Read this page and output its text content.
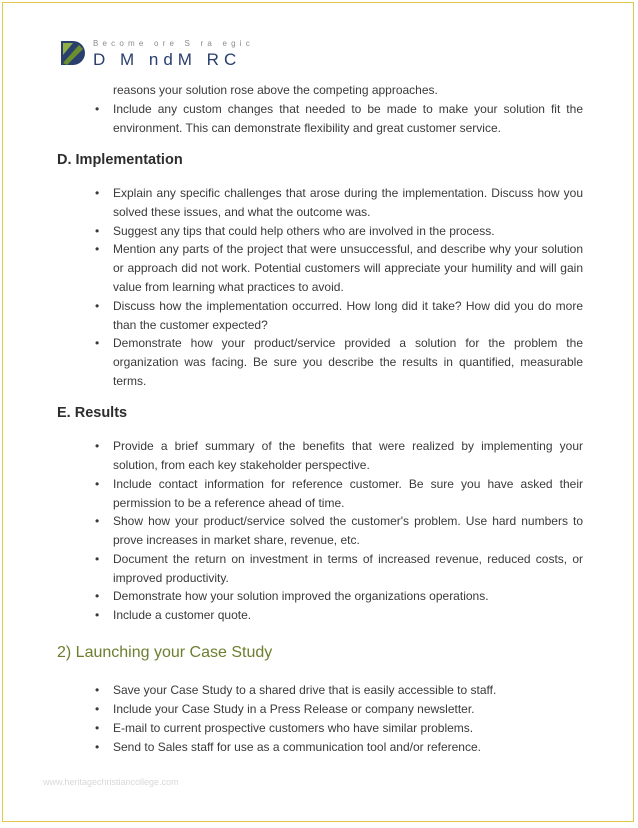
Become ore S ra egic
D M ndM RC
reasons your solution rose above the competing approaches.
• Include any custom changes that needed to be made to make your solution fit the environment. This can demonstrate flexibility and great customer service.
D. Implementation
• Explain any specific challenges that arose during the implementation. Discuss how you solved these issues, and what the outcome was.
• Suggest any tips that could help others who are involved in the process.
• Mention any parts of the project that were unsuccessful, and describe why your solution or approach did not work. Potential customers will appreciate your humility and will gain value from learning what practices to avoid.
• Discuss how the implementation occurred. How long did it take? How did you do more than the customer expected?
• Demonstrate how your product/service provided a solution for the problem the organization was facing. Be sure you describe the results in quantified, measurable terms.
E. Results
• Provide a brief summary of the benefits that were realized by implementing your solution, from each key stakeholder perspective.
• Include contact information for reference customer. Be sure you have asked their permission to be a reference ahead of time.
• Show how your product/service solved the customer's problem. Use hard numbers to prove increases in market share, revenue, etc.
• Document the return on investment in terms of increased revenue, reduced costs, or improved productivity.
• Demonstrate how your solution improved the organizations operations.
• Include a customer quote.
2) Launching your Case Study
• Save your Case Study to a shared drive that is easily accessible to staff.
• Include your Case Study in a Press Release or company newsletter.
• E-mail to current prospective customers who have similar problems.
• Send to Sales staff for use as a communication tool and/or reference.
www.heritagechristiancollege.com
